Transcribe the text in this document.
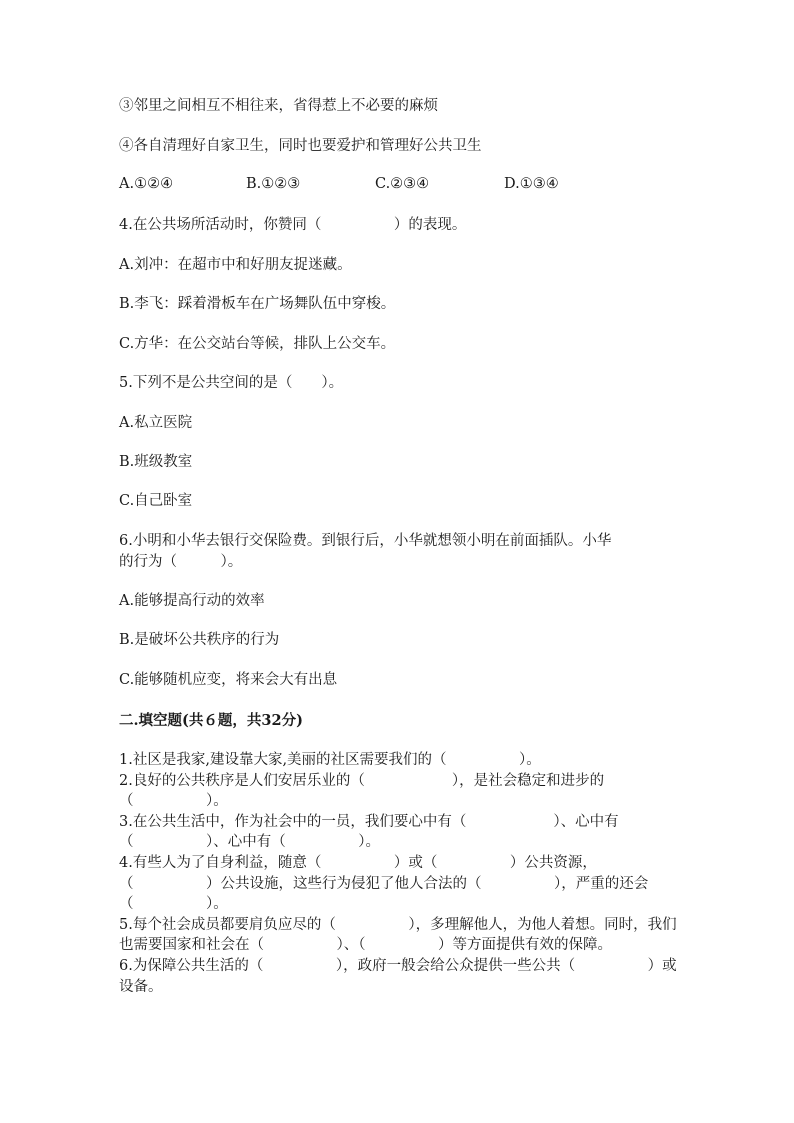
③邻里之间相互不相往来，省得惹上不必要的麻烦
④各自清理好自家卫生，同时也要爱护和管理好公共卫生
A.①②④	B.①②③	C.②③④	D.①③④
4.在公共场所活动时，你赞同（　　　　　）的表现。
A.刘冲：在超市中和好朋友捉迷藏。
B.李飞：踩着滑板车在广场舞队伍中穿梭。
C.方华：在公交站台等候，排队上公交车。
5.下列不是公共空间的是（　　）。
A.私立医院
B.班级教室
C.自己卧室
6.小明和小华去银行交保险费。到银行后，小华就想领小明在前面插队。小华
的行为（　　　）。
A.能够提高行动的效率
B.是破坏公共秩序的行为
C.能够随机应变，将来会大有出息
二.填空题(共６题，共32分)

1.社区是我家,建设靠大家,美丽的社区需要我们的（　　　　　）。

2.良好的公共秩序是人们安居乐业的（　　　　　　），是社会稳定和进步的（　　　　　）。

3.在公共生活中，作为社会中的一员，我们要心中有（　　　　　　）、心中有（　　　　　）、心中有（　　　　　）。

4.有些人为了自身利益，随意（　　　　　）或（　　　　　）公共资源，（　　　　　）公共设施，这些行为侵犯了他人合法的（　　　　　），严重的还会（　　　　　）。

5.每个社会成员都要肩负应尽的（　　　　　），多理解他人，为他人着想。同时，我们也需要国家和社会在（　　　　　）、（　　　　　）等方面提供有效的保障。

6.为保障公共生活的（　　　　　），政府一般会给公众提供一些公共（　　　　　）或设备。
